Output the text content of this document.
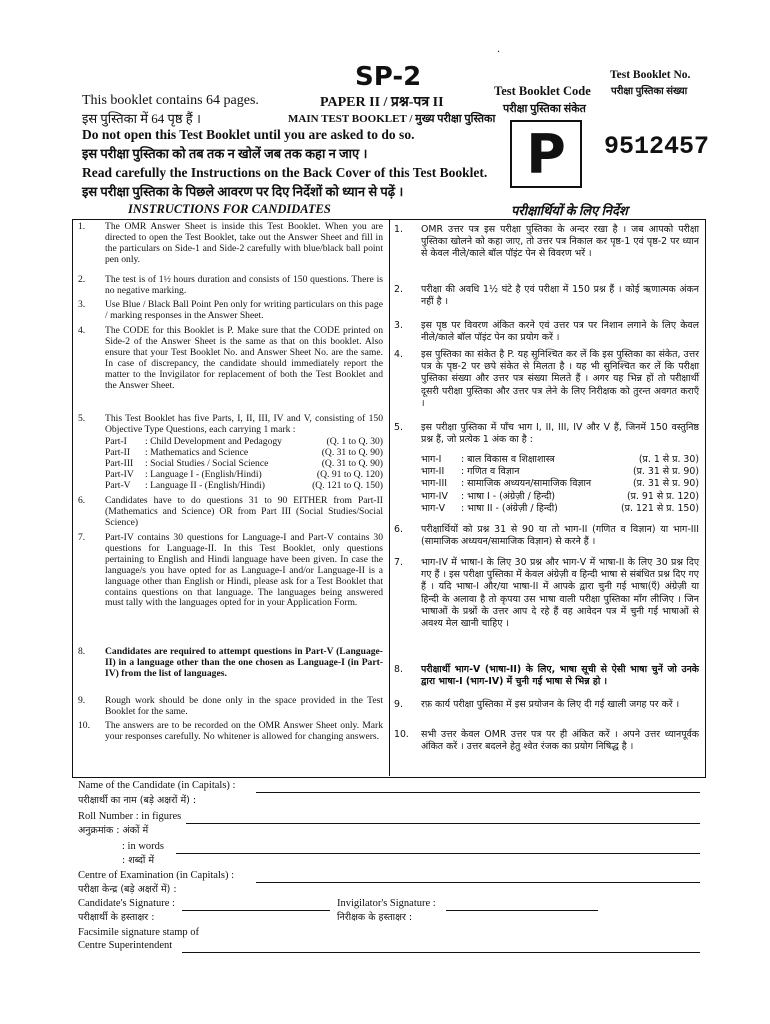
·
SP-2
PAPER II / प्रश्न-पत्र II
MAIN TEST BOOKLET / मुख्य परीक्षा पुस्तिका
This booklet contains 64 pages.
इस पुस्तिका में 64 पृष्ठ हैं ।
Do not open this Test Booklet until you are asked to do so.
इस परीक्षा पुस्तिका को तब तक न खोलें जब तक कहा न जाए ।
Read carefully the Instructions on the Back Cover of this Test Booklet.
इस परीक्षा पुस्तिका के पिछले आवरण पर दिए निर्देशों को ध्यान से पढ़ें ।
Test Booklet Code
परीक्षा पुस्तिका संकेत
P
Test Booklet No.
परीक्षा पुस्तिका संख्या
9512457
INSTRUCTIONS FOR CANDIDATES	परीक्षार्थियों के लिए निर्देश
1. The OMR Answer Sheet is inside this Test Booklet. When you are directed to open the Test Booklet, take out the Answer Sheet and fill in the particulars on Side-1 and Side-2 carefully with blue/black ball point pen only.
2. The test is of 1½ hours duration and consists of 150 questions. There is no negative marking.
3. Use Blue / Black Ball Point Pen only for writing particulars on this page / marking responses in the Answer Sheet.
4. The CODE for this Booklet is P. Make sure that the CODE printed on Side-2 of the Answer Sheet is the same as that on this booklet. Also ensure that your Test Booklet No. and Answer Sheet No. are the same. In case of discrepancy, the candidate should immediately report the matter to the Invigilator for replacement of both the Test Booklet and the Answer Sheet.
5. This Test Booklet has five Parts, I, II, III, IV and V, consisting of 150 Objective Type Questions, each carrying 1 mark :
Part-I	: Child Development and Pedagogy	(Q. 1 to Q. 30)
Part-II	: Mathematics and Science	(Q. 31 to Q. 90)
Part-III	: Social Studies / Social Science	(Q. 31 to Q. 90)
Part-IV	: Language I - (English/Hindi)	(Q. 91 to Q. 120)
Part-V	: Language II - (English/Hindi)	(Q. 121 to Q. 150)
6. Candidates have to do questions 31 to 90 EITHER from Part-II (Mathematics and Science) OR from Part III (Social Studies/Social Science)
7. Part-IV contains 30 questions for Language-I and Part-V contains 30 questions for Language-II. In this Test Booklet, only questions pertaining to English and Hindi language have been given. In case the language/s you have opted for as Language-I and/or Language-II is a language other than English or Hindi, please ask for a Test Booklet that contains questions on that language. The languages being answered must tally with the languages opted for in your Application Form.
8. Candidates are required to attempt questions in Part-V (Language-II) in a language other than the one chosen as Language-I (in Part-IV) from the list of languages.
9. Rough work should be done only in the space provided in the Test Booklet for the same.
10. The answers are to be recorded on the OMR Answer Sheet only. Mark your responses carefully. No whitener is allowed for changing answers.
1. OMR उत्तर पत्र इस परीक्षा पुस्तिका के अन्दर रखा है । जब आपको परीक्षा पुस्तिका खोलने को कहा जाए, तो उत्तर पत्र निकाल कर पृष्ठ-1 एवं पृष्ठ-2 पर ध्यान से केवल नीले/काले बॉल पॉइंट पेन से विवरण भरें ।
2. परीक्षा की अवधि 1½ घंटे है एवं परीक्षा में 150 प्रश्न हैं । कोई ऋणात्मक अंकन नहीं है ।
3. इस पृष्ठ पर विवरण अंकित करने एवं उत्तर पत्र पर निशान लगाने के लिए केवल नीले/काले बॉल पॉइंट पेन का प्रयोग करें ।
4. इस पुस्तिका का संकेत है P. यह सुनिश्चित कर लें कि इस पुस्तिका का संकेत, उत्तर पत्र के पृष्ठ-2 पर छपे संकेत से मिलता है । यह भी सुनिश्चित कर लें कि परीक्षा पुस्तिका संख्या और उत्तर पत्र संख्या मिलते हैं । अगर यह भिन्न हों तो परीक्षार्थी दूसरी परीक्षा पुस्तिका और उत्तर पत्र लेने के लिए निरीक्षक को तुरन्त अवगत कराएँ ।
5. इस परीक्षा पुस्तिका में पाँच भाग I, II, III, IV और V हैं, जिनमें 150 वस्तुनिष्ठ प्रश्न हैं, जो प्रत्येक 1 अंक का है :
भाग-I	: बाल विकास व शिक्षाशास्त्र	(प्र. 1 से प्र. 30)
भाग-II	: गणित व विज्ञान	(प्र. 31 से प्र. 90)
भाग-III	: सामाजिक अध्ययन/सामाजिक विज्ञान	(प्र. 31 से प्र. 90)
भाग-IV	: भाषा I - (अंग्रेज़ी / हिन्दी)	(प्र. 91 से प्र. 120)
भाग-V	: भाषा II - (अंग्रेज़ी / हिन्दी)	(प्र. 121 से प्र. 150)
6. परीक्षार्थियों को प्रश्न 31 से 90 या तो भाग-II (गणित व विज्ञान) या भाग-III (सामाजिक अध्ययन/सामाजिक विज्ञान) से करने हैं ।
7. भाग-IV में भाषा-I के लिए 30 प्रश्न और भाग-V में भाषा-II के लिए 30 प्रश्न दिए गए हैं । इस परीक्षा पुस्तिका में केवल अंग्रेज़ी व हिन्दी भाषा से संबंधित प्रश्न दिए गए हैं । यदि भाषा-I और/या भाषा-II में आपके द्वारा चुनी गई भाषा(एँ) अंग्रेज़ी या हिन्दी के अलावा है तो कृपया उस भाषा वाली परीक्षा पुस्तिका माँग लीजिए । जिन भाषाओं के प्रश्नों के उत्तर आप दे रहे हैं वह आवेदन पत्र में चुनी गई भाषाओं से अवश्य मेल खानी चाहिए ।
8. परीक्षार्थी भाग-V (भाषा-II) के लिए, भाषा सूची से ऐसी भाषा चुनें जो उनके द्वारा भाषा-I (भाग-IV) में चुनी गई भाषा से भिन्न हो ।
9. रफ़ कार्य परीक्षा पुस्तिका में इस प्रयोजन के लिए दी गई खाली जगह पर करें ।
10. सभी उत्तर केवल OMR उत्तर पत्र पर ही अंकित करें । अपने उत्तर ध्यानपूर्वक अंकित करें । उत्तर बदलने हेतु श्वेत रंजक का प्रयोग निषिद्ध है ।
Name of the Candidate (in Capitals) :
परीक्षार्थी का नाम (बड़े अक्षरों में) :
Roll Number : in figures
अनुक्रमांक : अंकों में
: in words
: शब्दों में
Centre of Examination (in Capitals) :
परीक्षा केन्द्र (बड़े अक्षरों में) :
Candidate's Signature :
परीक्षार्थी के हस्ताक्षर :
Invigilator's Signature :
निरीक्षक के हस्ताक्षर :
Facsimile signature stamp of
Centre Superintendent
